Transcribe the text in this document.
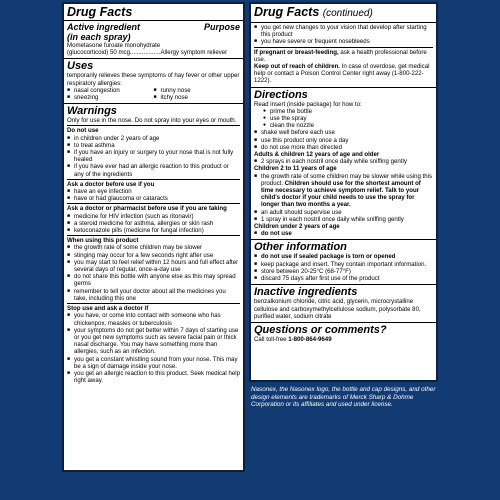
Drug Facts
Active ingredient	Purpose
(in each spray)
Mometasone furoate monohydrate
(glucocorticoid) 50 mcg..................Allergy symptom reliever
Uses
temporarily relieves these symptoms of hay fever or other upper respiratory allergies:
■ nasal congestion	■ runny nose
■ sneezing	■ itchy nose
Warnings
Only for use in the nose. Do not spray into your eyes or mouth.
Do not use
■ in children under 2 years of age
■ to treat asthma
■ if you have an injury or surgery to your nose that is not fully healed
■ if you have ever had an allergic reaction to this product or any of the ingredients
Ask a doctor before use if you
■ have an eye infection
■ have or had glaucoma or cataracts
Ask a doctor or pharmacist before use if you are taking
■ medicine for HIV infection (such as ritonavir)
■ a steroid medicine for asthma, allergies or skin rash
■ ketoconazole pills (medicine for fungal infection)
When using this product
■ the growth rate of some children may be slower
■ stinging may occur for a few seconds right after use
■ you may start to feel relief within 12 hours and full effect after several days of regular, once-a-day use
■ do not share this bottle with anyone else as this may spread germs
■ remember to tell your doctor about all the medicines you take, including this one
Stop use and ask a doctor if
■ you have, or come into contact with someone who has chickenpox, measles or tuberculosis
■ your symptoms do not get better within 7 days of starting use or you get new symptoms such as severe facial pain or thick nasal discharge. You may have something more than allergies, such as an infection.
■ you get a constant whistling sound from your nose. This may be a sign of damage inside your nose.
■ you get an allergic reaction to this product. Seek medical help right away.
Drug Facts (continued)
■ you get new changes to your vision that develop after starting this product
■ you have severe or frequent nosebleeds
If pregnant or breast-feeding, ask a health professional before use.
Keep out of reach of children. In case of overdose, get medical help or contact a Poison Control Center right away (1-800-222-1222).
Directions
Read insert (inside package) for how to:
● prime the bottle
● use the spray
● clean the nozzle
■ shake well before each use
■ use this product only once a day
■ do not use more than directed
Adults & children 12 years of age and older
■ 2 sprays in each nostril once daily while sniffing gently
Children 2 to 11 years of age
■ the growth rate of some children may be slower while using this product. Children should use for the shortest amount of time necessary to achieve symptom relief. Talk to your child's doctor if your child needs to use the spray for longer than two months a year.
■ an adult should supervise use
■ 1 spray in each nostril once daily while sniffing gently
Children under 2 years of age
■ do not use
Other information
■ do not use if sealed package is torn or opened
■ keep package and insert. They contain important information.
■ store between 20-25°C (68-77°F)
■ discard 75 days after first use of the product
Inactive ingredients
benzalkonium chloride, citric acid, glycerin, microcrystalline cellulose and carboxymethylcellulose sodium, polysorbate 80, purified water, sodium citrate
Questions or comments?
Call toll-free 1-800-864-9649
Nasonex, the Nasonex logo, the bottle and cap designs, and other design elements are trademarks of Merck Sharp & Dohme Corporation or its affiliates and used under license.
